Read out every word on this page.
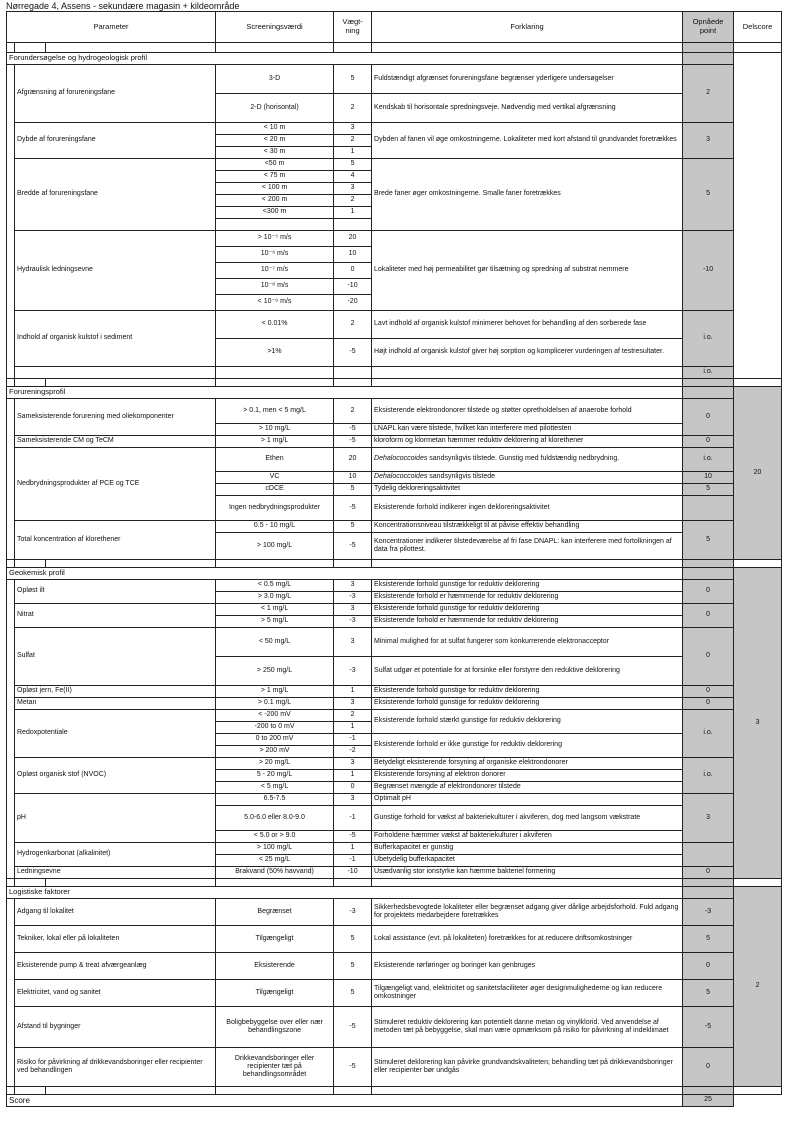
Nørregade 4, Assens - sekundære magasin + kildeområde
Parameter			Screeningsværdi	Vægt-ning	Forklaring	Opnåede point	Delscore

Forundersøgelse og hydrogeologisk profil							
	Afgrænsning af forureningsfane		3-D	5	Fuldstændigt afgrænset forureningsfane begrænser yderligere undersøgelser	2	
			2-D (horisontal)	2	Kendskab til horisontale spredningsveje. Nødvendig med vertikal afgrænsning		
	Dybde af forureningsfane		< 10 m	3	Dybden af fanen vil øge omkostningerne. Lokaliteter med kort afstand til grundvandet foretrækkes	3	
			< 20 m	2			
			< 30 m	1			
	Bredde af forureningsfane		<50 m	5	Brede faner øger omkostningerne. Smalle faner foretrækkes	5	
			< 75 m	4			
			< 100 m	3			
			< 200 m	2			
			<300 m	1			

	Hydraulisk ledningsevne		> 10⁻⁵ m/s	20	Lokaliteter med høj permeabilitet gør tilsætning og spredning af substrat nemmere	-10	
			10⁻⁶ m/s	10			
			10⁻⁷ m/s	0			
			10⁻⁸ m/s	-10			
			< 10⁻⁹ m/s	-20			
	Indhold af organisk kulstof i sediment		< 0.01%	2	Lavt indhold af organisk kulstof minimerer behovet for behandling af den sorberede fase	i.o.	
			>1%	-5	Højt indhold af organisk kulstof giver høj sorption og komplicerer vurderingen af testresultater.		
						i.o.	

Forureningsprofil							20
	Sameksisterende forurening med oliekomponenter		> 0.1, men < 5 mg/L	2	Eksisterende elektrondonorer tilstede og støtter opretholdelsen af anaerobe forhold	0	
			> 10 mg/L	-5	LNAPL kan være tilstede, hvilket kan interferere med pilottesten		
	Sameksisterende CM og TeCM		> 1 mg/L	-5	kloroform og klormetan hæmmer reduktiv deklorering af klorethener	0	
	Nedbrydningsprodukter af PCE og TCE		Ethen	20	Dehalococcoides sandsynligvis tilstede. Gunstig med fuldstændig nedbrydning.	i.o.	
			VC	10	Dehalococcoides sandsynligvis tilstede	10	
			cDCE	5	Tydelig dekloreringsaktivitet	5	
			Ingen nedbrydningsprodukter	-5	Eksisterende forhold indikerer ingen dekloreringsaktivitet		
	Total koncentration af klorethener		0.5 - 10 mg/L	5	Koncentrationsniveau tilstrækkeligt til at påvise effektiv behandling	5	
			> 100 mg/L	-5	Koncentrationer indikerer tilstedeværelse af fri fase DNAPL: kan interferere med fortolkningen af data fra pilottest.		

Geokemisk profil							3
	Opløst ilt		< 0.5 mg/L	3	Eksisterende forhold gunstige for reduktiv deklorering	0	
			> 3.0 mg/L	-3	Eksisterende forhold er hæmmende for reduktiv deklorering		
	Nitrat		< 1 mg/L	3	Eksisterende forhold gunstige for reduktiv deklorering	0	
			> 5 mg/L	-3	Eksisterende forhold er hæmmende for reduktiv deklorering		
	Sulfat		< 50 mg/L	3	Minimal mulighed for at sulfat fungerer som konkurrerende elektronacceptor	0	
			> 250 mg/L	-3	Sulfat udgør et potentiale for at forsinke eller forstyrre den reduktive deklorering		
	Opløst jern, Fe(II)		> 1 mg/L	1	Eksisterende forhold gunstige for reduktiv deklorering	0	
	Metan		> 0.1 mg/L	3	Eksisterende forhold gunstige for reduktiv deklorering	0	
	Redoxpotentiale		< -200 mV	2	Eksisterende forhold stærkt gunstige for reduktiv deklorering	i.o.	
			-200 to 0 mV	1			
			0 to 200 mV	-1	Eksisterende forhold er ikke gunstige for reduktiv deklorering		
			> 200 mV	-2			
	Opløst organisk stof (NVOC)		> 20 mg/L	3	Betydeligt eksisterende forsyning af organiske elektrondonorer	i.o.	
			5 - 20 mg/L	1	Eksisterende forsyning af elektron donorer		
			< 5 mg/L	0	Begrænset mængde af elektrondonorer tilstede		
	pH		6.5-7.5	3	Optimalt pH	3	
			5.0-6.0 eller 8.0-9.0	-1	Gunstige forhold for vækst af bakteriekulturer i akviferen, dog med langsom vækstrate		
			< 5.0 or > 9.0	-5	Forholdene hæmmer vækst af bakteriekulturer i akviferen		
	Hydrogenkarbonat (alkalinitet)		> 100 mg/L	1	Bufferkapacitet er gunstig		
			< 25 mg/L	-1	Ubetydelig bufferkapacitet		
	Ledningsevne		Brakvand (50% havvand)	-10	Usædvanlig stor ionstyrke kan hæmme bakteriel formering	0	

Logistiske faktorer							2
	Adgang til lokalitet		Begrænset	-3	Sikkerhedsbevogtede lokaliteter eller begrænset adgang giver dårlige arbejdsforhold. Fuld adgang for projektets medarbejdere foretrækkes	-3	
	Tekniker, lokal eller på lokaliteten		Tilgængeligt	5	Lokal assistance (evt. på lokaliteten) foretrækkes for at reducere driftsomkostninger	5	
	Eksisterende pump & treat afværgeanlæg		Eksisterende	5	Eksisterende rørføringer og boringer kan genbruges	0	
	Elektricitet, vand og sanitet		Tilgængeligt	5	Tilgængeligt vand, elektricitet og sanitetsfaciliteter øger designmulighederne og kan reducere omkostninger	5	
	Afstand til bygninger		Boligbebyggelse over eller nær behandlingszone	-5	Stimuleret reduktiv deklorering kan potentielt danne metan og vinylklorid. Ved anvendelse af metoden tæt på bebyggelse, skal man være opmærksom på risiko for påvirkning af indeklimaet	-5	
	Risiko for påvirkning af drikkevandsboringer eller recipienter ved behandlingen		Drikkevandsboringer eller recipienter tæt på behandlingsområdet	-5	Stimuleret deklorering kan påvirke grundvandskvaliteten; behandling tæt på drikkevandsboringer eller recipienter bør undgås	0	

Score						25	
